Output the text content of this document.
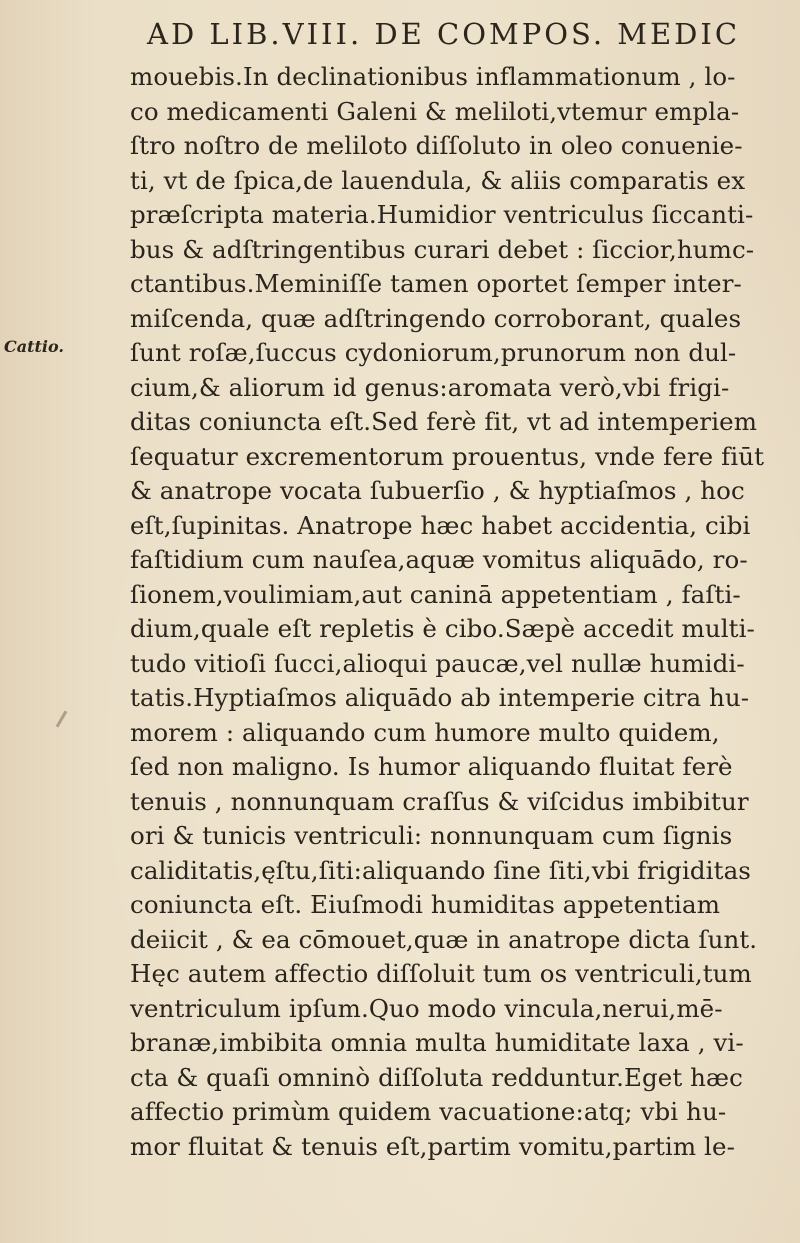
AD LIB.VIII. DE COMPOS. MEDIC
Cattio.
mouebis.In declinationibus inflammationum , lo-
co medicamenti Galeni & meliloti,vtemur empla-
ſtro noſtro de meliloto diſſoluto in oleo conuenie-
ti, vt de ſpica,de lauendula, & aliis comparatis ex
præſcripta materia.Humidior ventriculus ſiccanti-
bus & adſtringentibus curari debet : ſiccior,humc-
ctantibus.Meminiſſe tamen oportet ſemper inter-
miſcenda, quæ adſtringendo corroborant, quales
ſunt roſæ,ſuccus cydoniorum,prunorum non dul-
cium,& aliorum id genus:aromata verò,vbi frigi-
ditas coniuncta eſt.Sed ferè fit, vt ad intemperiem
ſequatur excrementorum prouentus, vnde fere fiūt
& anatrope vocata ſubuerſio , & hyptiaſmos , hoc
eſt,ſupinitas. Anatrope hæc habet accidentia, cibi
faſtidium cum nauſea,aquæ vomitus aliquādo, ro-
ſionem,voulimiam,aut caninā appetentiam , faſti-
dium,quale eſt repletis è cibo.Sæpè accedit multi-
tudo vitioſi ſucci,alioqui paucæ,vel nullæ humidi-
tatis.Hyptiaſmos aliquādo ab intemperie citra hu-
morem : aliquando cum humore multo quidem,
ſed non maligno. Is humor aliquando fluitat ferè
tenuis , nonnunquam craſſus & viſcidus imbibitur
ori & tunicis ventriculi: nonnunquam cum ſignis
caliditatis,ęſtu,ſiti:aliquando ſine ſiti,vbi frigiditas
coniuncta eſt. Eiuſmodi humiditas appetentiam
deiicit , & ea cōmouet,quæ in anatrope dicta ſunt.
Hęc autem affectio diſſoluit tum os ventriculi,tum
ventriculum ipſum.Quo modo vincula,nerui,mē-
branæ,imbibita omnia multa humiditate laxa , vi-
cta & quaſi omninò diſſoluta redduntur.Eget hæc
affectio primùm quidem vacuatione:atq; vbi hu-
mor fluitat & tenuis eſt,partim vomitu,partim le-
